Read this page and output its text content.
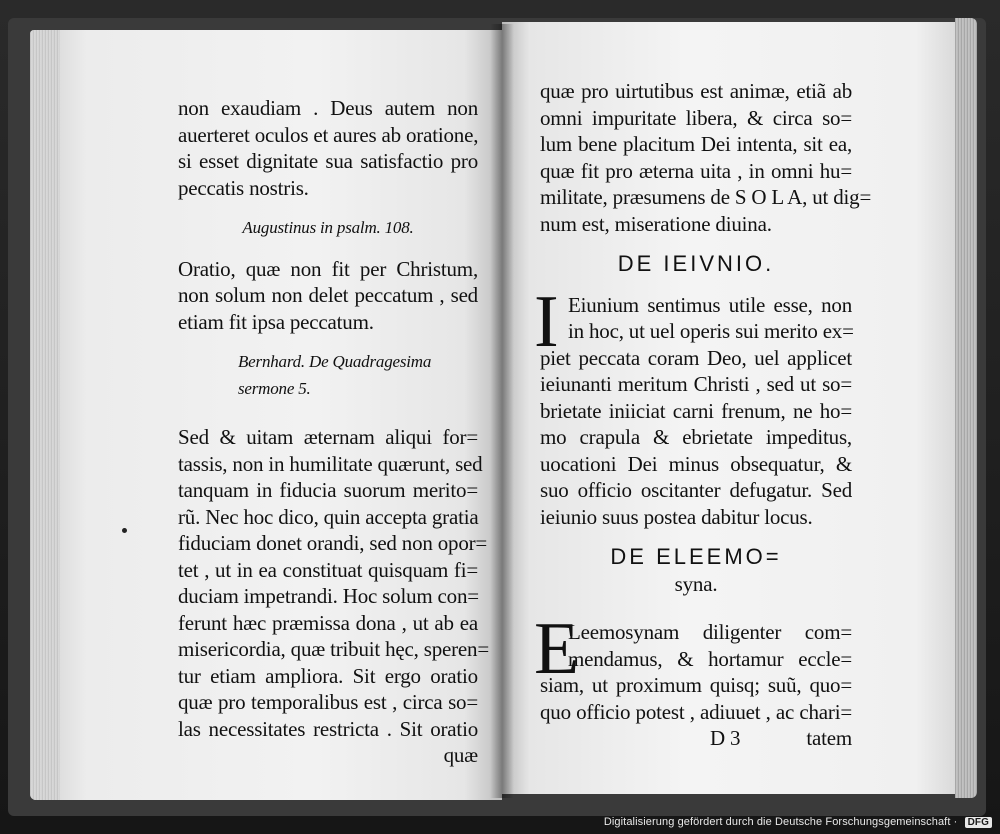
non exaudiam . Deus autem non
auerteret oculos et aures ab oratione,
si esset dignitate sua satisfactio pro
peccatis nostris.
Augustinus in psalm. 108.
Oratio, quæ non fit per Christum,
non solum non delet peccatum , sed
etiam fit ipsa peccatum.
Bernhard. De Quadragesima
sermone 5.
Sed & uitam æternam aliqui for=
tassis, non in humilitate quærunt, sed
tanquam in fiducia suorum merito=
rũ. Nec hoc dico, quin accepta gratia
fiduciam donet orandi, sed non opor=
tet , ut in ea constituat quisquam fi=
duciam impetrandi. Hoc solum con=
ferunt hæc præmissa dona , ut ab ea
misericordia, quæ tribuit hęc, speren=
tur etiam ampliora. Sit ergo oratio
quæ pro temporalibus est , circa so=
las necessitates restricta . Sit oratio
quæ
quæ pro uirtutibus est animæ, etiã ab
omni impuritate libera, & circa so=
lum bene placitum Dei intenta, sit ea,
quæ fit pro æterna uita , in omni hu=
militate, præsumens de S O L A, ut dig=
num est, miseratione diuina.
DE IEIVNIO.
I Eiunium sentimus utile esse, non
in hoc, ut uel operis sui merito ex=
piet peccata coram Deo, uel applicet
ieiunanti meritum Christi , sed ut so=
brietate iniiciat carni frenum, ne ho=
mo crapula & ebrietate impeditus,
uocationi Dei minus obsequatur, &
suo officio oscitanter defugatur. Sed
ieiunio suus postea dabitur locus.
DE ELEEMO=
syna.
E
Leemosynam diligenter com=
mendamus, & hortamur eccle=
siam, ut proximum quisq; suũ, quo=
quo officio potest , adiuuet , ac chari=
D 3	tatem
Digitalisierung gefördert durch die Deutsche Forschungsgemeinschaft · DFG
